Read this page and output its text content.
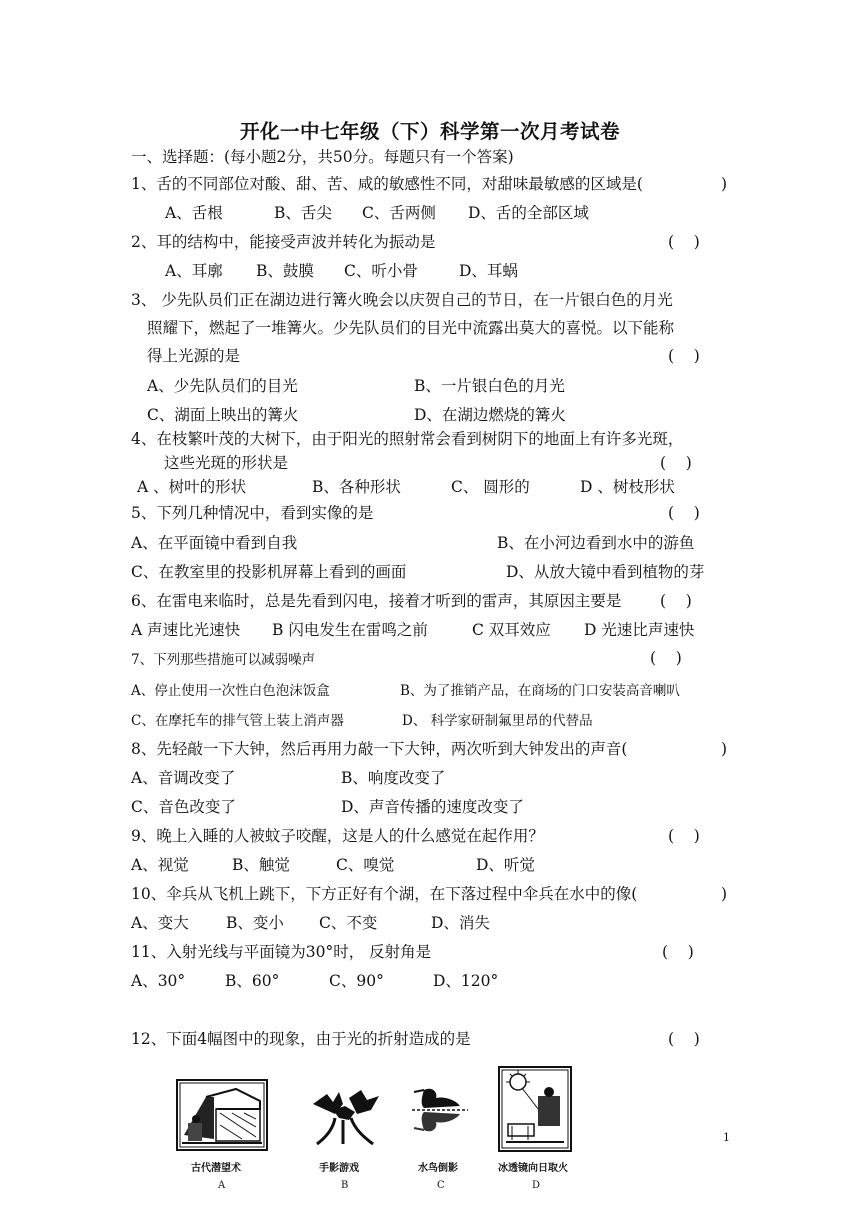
开化一中七年级（下）科学第一次月考试卷
一、选择题：(每小题2分，共50分。每题只有一个答案)
1、舌的不同部位对酸、甜、苦、咸的敏感性不同，对甜味最敏感的区域是(	)
A、舌根	B、舌尖 C、舌两侧 D、舌的全部区域
2、耳的结构中，能接受声波并转化为振动是	(    )
A、耳廓 B、鼓膜 C、听小骨	D、耳蜗
3、 少先队员们正在湖边进行篝火晚会以庆贺自己的节日，在一片银白色的月光
照耀下，燃起了一堆篝火。少先队员们的目光中流露出莫大的喜悦。以下能称
得上光源的是	(    )
A、少先队员们的目光	B、一片银白色的月光
C、湖面上映出的篝火	D、在湖边燃烧的篝火
4、在枝繁叶茂的大树下，由于阳光的照射常会看到树阴下的地面上有许多光斑，
这些光斑的形状是	(    )
A 、树叶的形状	B、各种形状	C、 圆形的	D 、树枝形状
5、下列几种情况中，看到实像的是	(    )
A、在平面镜中看到自我	B、在小河边看到水中的游鱼
C、在教室里的投影机屏幕上看到的画面	D、从放大镜中看到植物的芽
6、在雷电来临时，总是先看到闪电，接着才听到的雷声，其原因主要是 (    )
A 声速比光速快 B 闪电发生在雷鸣之前	C 双耳效应 D 光速比声速快
7、下列那些措施可以减弱噪声	(    )
A、停止使用一次性白色泡沫饭盒	B、为了推销产品，在商场的门口安装高音喇叭
C、在摩托车的排气管上装上消声器	D、 科学家研制氟里昂的代替品
8、先轻敲一下大钟，然后再用力敲一下大钟，两次听到大钟发出的声音(	)
A、音调改变了	B、响度改变了
C、音色改变了	D、声音传播的速度改变了
9、晚上入睡的人被蚊子咬醒，这是人的什么感觉在起作用？	(    )
A、视觉	B、触觉	C、嗅觉	D、听觉
10、伞兵从飞机上跳下，下方正好有个湖，在下落过程中伞兵在水中的像(	)
A、变大 B、变小 C、不变	D、消失
11、入射光线与平面镜为30°时， 反射角是	(    )
A、30°	B、60°	C、90°	D、120°
12、下面4幅图中的现象，由于光的折射造成的是	(    )
古代潜望术
A
手影游戏
B
水鸟倒影
C
冰透镜向日取火
D
1
